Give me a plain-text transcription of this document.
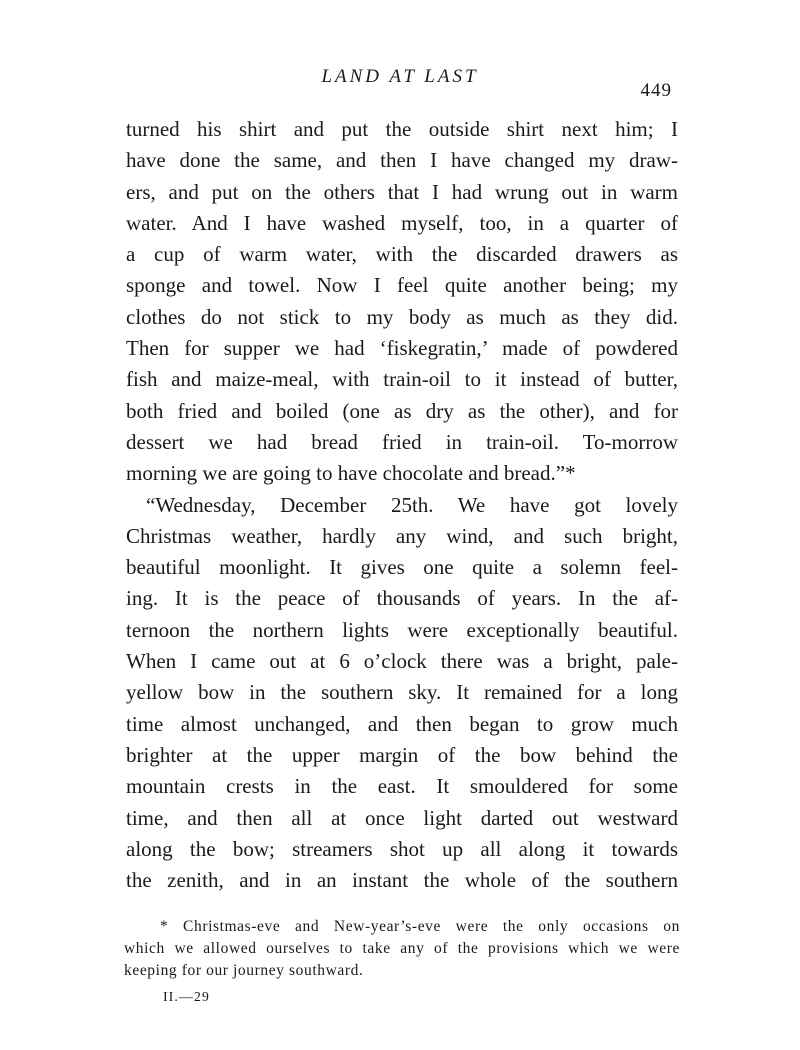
LAND AT LAST
449
turned his shirt and put the outside shirt next him; I
have done the same, and then I have changed my draw-
ers, and put on the others that I had wrung out in warm
water. And I have washed myself, too, in a quarter of
a cup of warm water, with the discarded drawers as
sponge and towel. Now I feel quite another being; my
clothes do not stick to my body as much as they did.
Then for supper we had ‘fiskegratin,’ made of powdered
fish and maize-meal, with train-oil to it instead of butter,
both fried and boiled (one as dry as the other), and for
dessert we had bread fried in train-oil. To-morrow
morning we are going to have chocolate and bread.”*
“Wednesday, December 25th. We have got lovely
Christmas weather, hardly any wind, and such bright,
beautiful moonlight. It gives one quite a solemn feel-
ing. It is the peace of thousands of years. In the af-
ternoon the northern lights were exceptionally beautiful.
When I came out at 6 o’clock there was a bright, pale-
yellow bow in the southern sky. It remained for a long
time almost unchanged, and then began to grow much
brighter at the upper margin of the bow behind the
mountain crests in the east. It smouldered for some
time, and then all at once light darted out westward
along the bow; streamers shot up all along it towards
the zenith, and in an instant the whole of the southern
* Christmas-eve and New-year’s-eve were the only occasions on
which we allowed ourselves to take any of the provisions which we were
keeping for our journey southward.
II.—29
